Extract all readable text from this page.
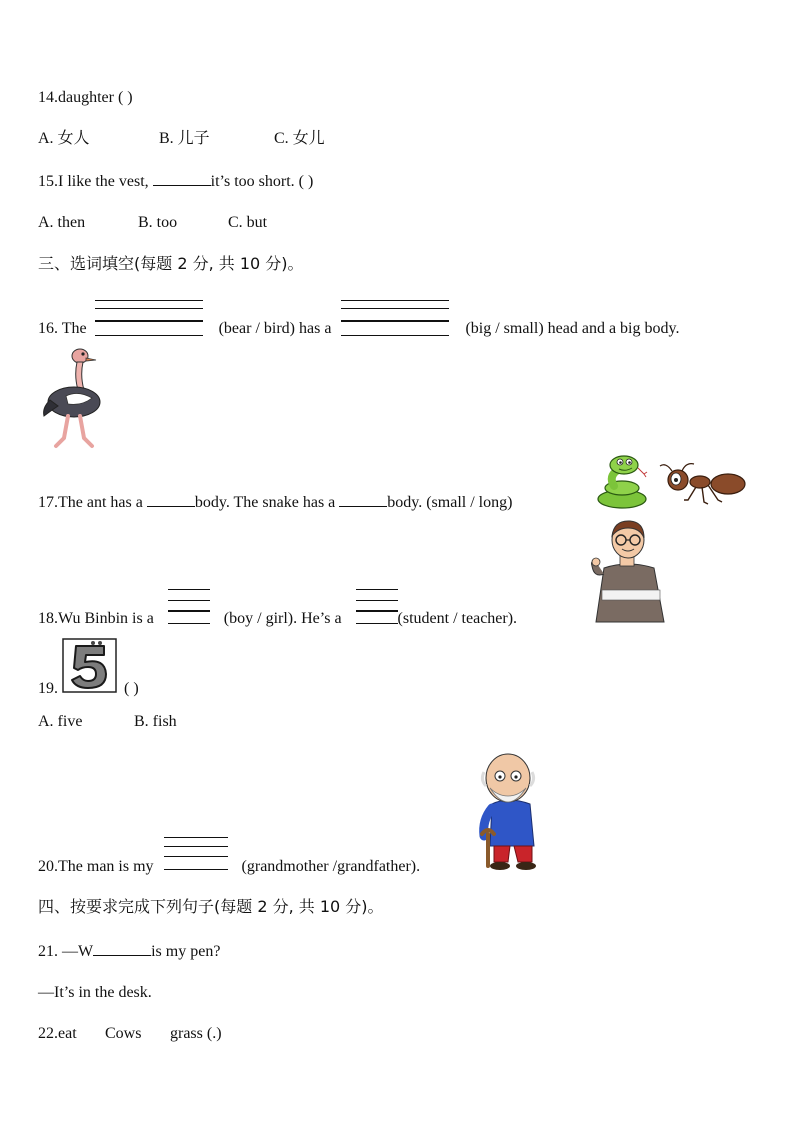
14.daughter ( )
A. 女人	B. 儿子	C. 女儿
15.I like the vest,	it’s too short. ( )
A. then	B. too	C. but
三、选词填空(每题 2 分, 共 10 分)。
16. The	(bear / bird) has a	(big / small) head and a big body.
17.The ant has a	body. The snake has a	body. (small / long)
18.Wu Binbin is a	(boy / girl). He’s a	(student / teacher).
19.	( )
A. five	B. fish
20.The man is my	(grandmother /grandfather).
四、按要求完成下列句子(每题 2 分, 共 10 分)。
21. —W	is my pen?
—It’s in the desk.
22.eat Cows grass (.)
